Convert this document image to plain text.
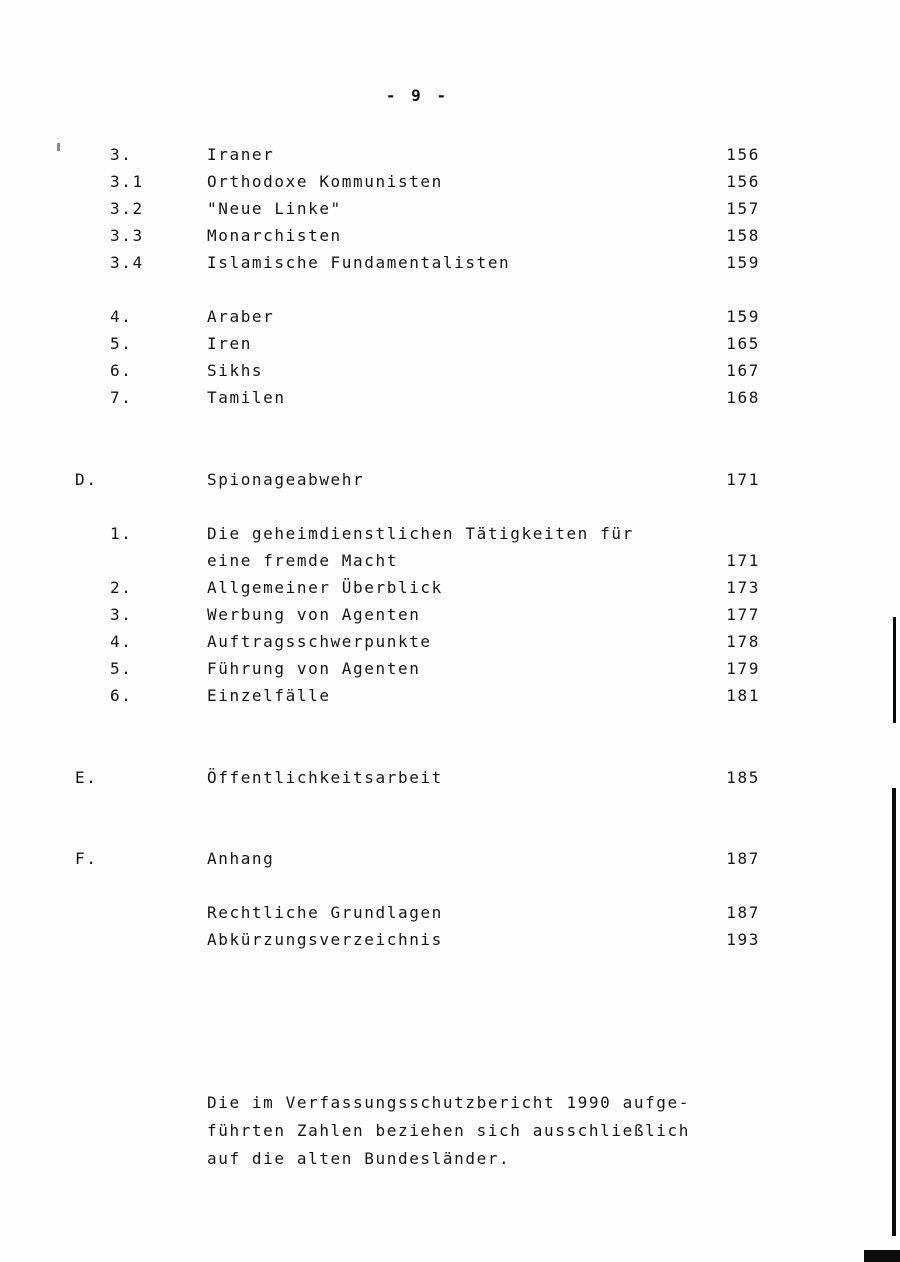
- 9 -
3.	Iraner	156
3.1	Orthodoxe Kommunisten	156
3.2	"Neue Linke"	157
3.3	Monarchisten	158
3.4	Islamische Fundamentalisten	159
4.	Araber	159
5.	Iren	165
6.	Sikhs	167
7.	Tamilen	168
D.	Spionageabwehr	171
1.	Die geheimdienstlichen Tätigkeiten für
eine fremde Macht	171
2.	Allgemeiner Überblick	173
3.	Werbung von Agenten	177
4.	Auftragsschwerpunkte	178
5.	Führung von Agenten	179
6.	Einzelfälle	181
E.	Öffentlichkeitsarbeit	185
F.	Anhang	187
Rechtliche Grundlagen	187
Abkürzungsverzeichnis	193
Die im Verfassungsschutzbericht 1990 aufge-
führten Zahlen beziehen sich ausschließlich
auf die alten Bundesländer.
